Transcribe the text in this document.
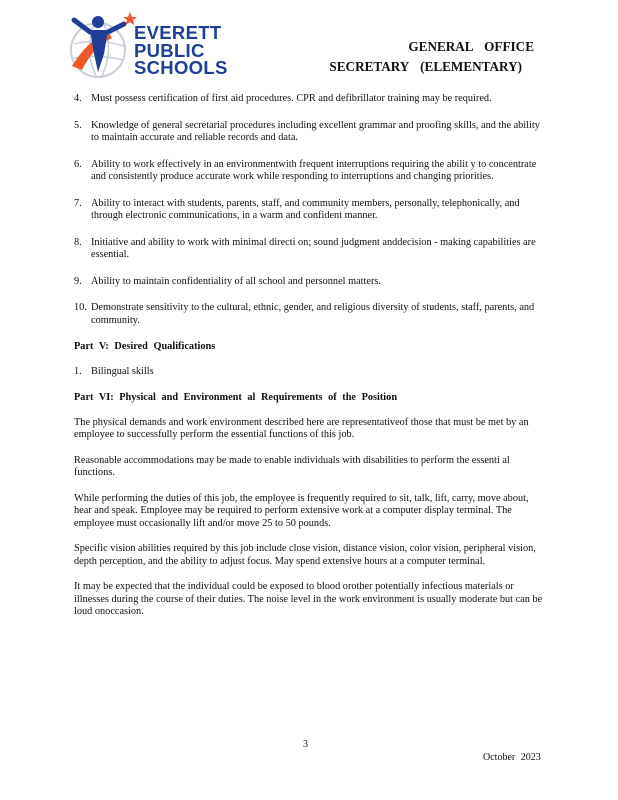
EVERETT
PUBLIC
SCHOOLS
GENERAL OFFICE
SECRETARY (ELEMENTARY)
4. Must possess certification of first aid procedures. CPR and defibrillator training may be required.
5. Knowledge of general secretarial procedures including excellent grammar and proofing skills, and the ability to maintain accurate and reliable records and data.
6. Ability to work effectively in an environmentwith frequent interruptions requiring the abilit y to concentrate and consistently produce accurate work while responding to interruptions and changing priorities.
7. Ability to interact with students, parents, staff, and community members, personally, telephonically, and through electronic communications, in a warm and confident manner.
8. Initiative and ability to work with minimal directi on; sound judgment anddecision - making capabilities are essential.
9. Ability to maintain confidentiality of all school and personnel matters.
10. Demonstrate sensitivity to the cultural, ethnic, gender, and religious diversity of students, staff, parents, and community.
Part V: Desired Qualifications
1. Bilingual skills
Part VI: Physical and Environment al Requirements of the Position
The physical demands and work environment described here are representativeof those that must be met by an employee to successfully perform the essential functions of this job.
Reasonable accommodations may be made to enable individuals with disabilities to perform the essenti al functions.
While performing the duties of this job, the employee is frequently required to sit, talk, lift, carry, move about, hear and speak. Employee may be required to perform extensive work at a computer display terminal. The employee must occasionally lift and/or move 25 to 50 pounds.
Specific vision abilities required by this job include close vision, distance vision, color vision, peripheral vision, depth perception, and the ability to adjust focus. May spend extensive hours at a computer terminal.
It may be expected that the individual could be exposed to blood orother potentially infectious materials or illnesses during the course of their duties. The noise level in the work environment is usually moderate but can be loud onoccasion.
3
October 2023
